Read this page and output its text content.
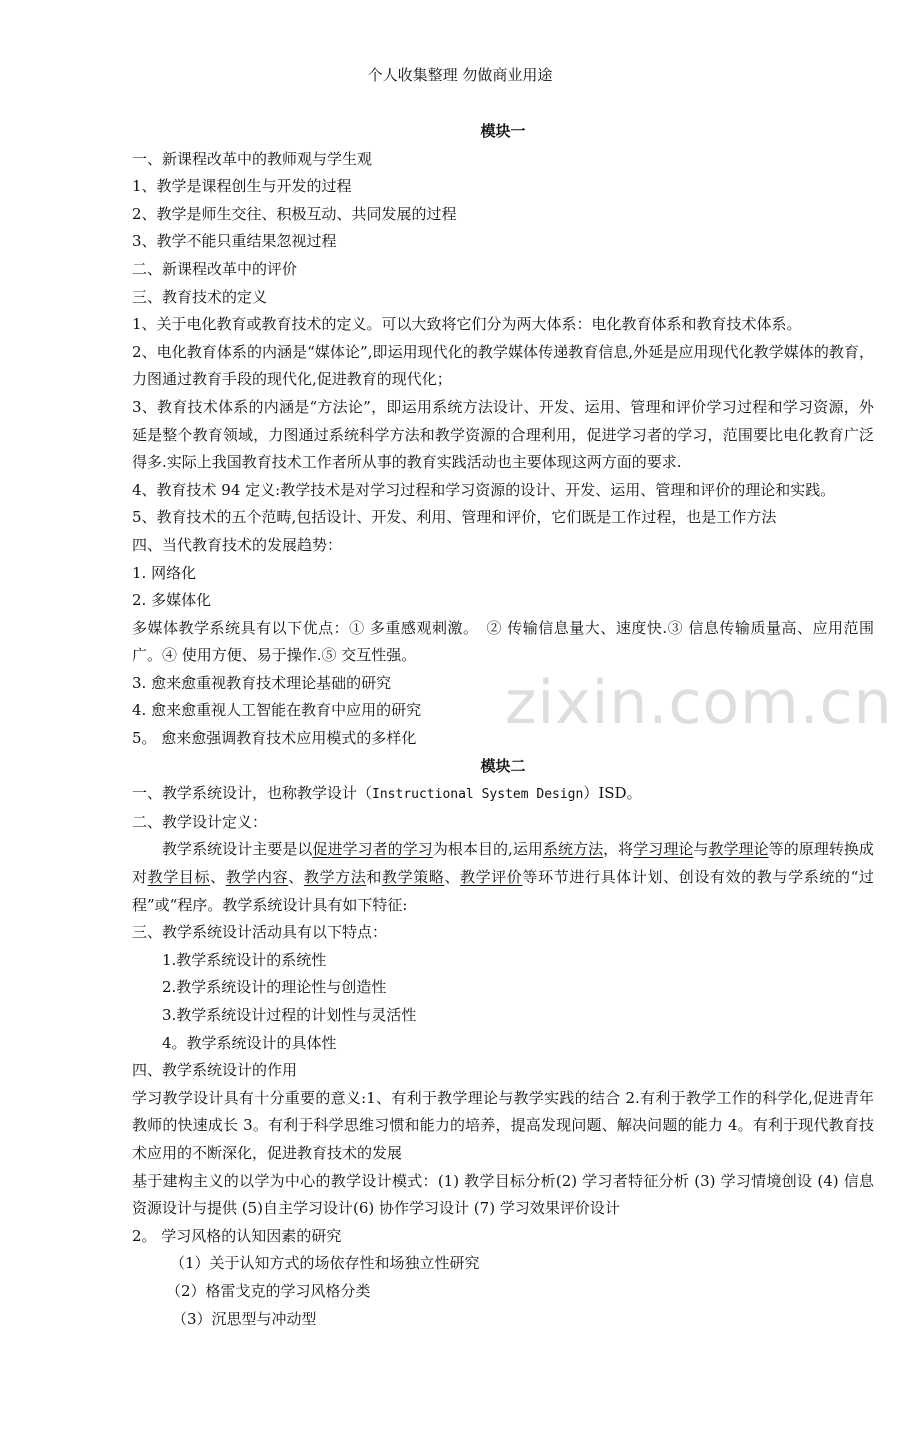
个人收集整理 勿做商业用途
zixin.com.cn
模块一
一、新课程改革中的教师观与学生观
1、教学是课程创生与开发的过程
2、教学是师生交往、积极互动、共同发展的过程
3、教学不能只重结果忽视过程
二、新课程改革中的评价
三、教育技术的定义
1、关于电化教育或教育技术的定义。可以大致将它们分为两大体系：电化教育体系和教育技术体系。
2、电化教育体系的内涵是“媒体论”,即运用现代化的教学媒体传递教育信息,外延是应用现代化教学媒体的教育，力图通过教育手段的现代化,促进教育的现代化；
3、教育技术体系的内涵是“方法论”，即运用系统方法设计、开发、运用、管理和评价学习过程和学习资源，外延是整个教育领域，力图通过系统科学方法和教学资源的合理利用，促进学习者的学习，范围要比电化教育广泛得多.实际上我国教育技术工作者所从事的教育实践活动也主要体现这两方面的要求.
4、教育技术 94 定义:教学技术是对学习过程和学习资源的设计、开发、运用、管理和评价的理论和实践。
5、教育技术的五个范畴,包括设计、开发、利用、管理和评价，它们既是工作过程，也是工作方法
四、当代教育技术的发展趋势：
1. 网络化
2. 多媒体化
多媒体教学系统具有以下优点：① 多重感观刺激。　② 传输信息量大、速度快.③ 信息传输质量高、应用范围广。④ 使用方便、易于操作.⑤ 交互性强。
3. 愈来愈重视教育技术理论基础的研究
4. 愈来愈重视人工智能在教育中应用的研究
5。 愈来愈强调教育技术应用模式的多样化
模块二
一、教学系统设计，也称教学设计（Instructional System Design）ISD。
二、教学设计定义：
教学系统设计主要是以促进学习者的学习为根本目的,运用系统方法，将学习理论与教学理论等的原理转换成对教学目标、教学内容、教学方法和教学策略、教学评价等环节进行具体计划、创设有效的教与学系统的“过程”或“程序。教学系统设计具有如下特征:
三、教学系统设计活动具有以下特点：
1.教学系统设计的系统性
2.教学系统设计的理论性与创造性
3.教学系统设计过程的计划性与灵活性
4。教学系统设计的具体性
四、教学系统设计的作用
学习教学设计具有十分重要的意义:1、有利于教学理论与教学实践的结合 2.有利于教学工作的科学化,促进青年教师的快速成长 3。有利于科学思维习惯和能力的培养，提高发现问题、解决问题的能力 4。有利于现代教育技术应用的不断深化，促进教育技术的发展
基于建构主义的以学为中心的教学设计模式：(1) 教学目标分析(2) 学习者特征分析 (3) 学习情境创设 (4) 信息资源设计与提供 (5)自主学习设计(6) 协作学习设计 (7) 学习效果评价设计
2。 学习风格的认知因素的研究
（1）关于认知方式的场依存性和场独立性研究
（2）格雷戈克的学习风格分类
（3）沉思型与冲动型
